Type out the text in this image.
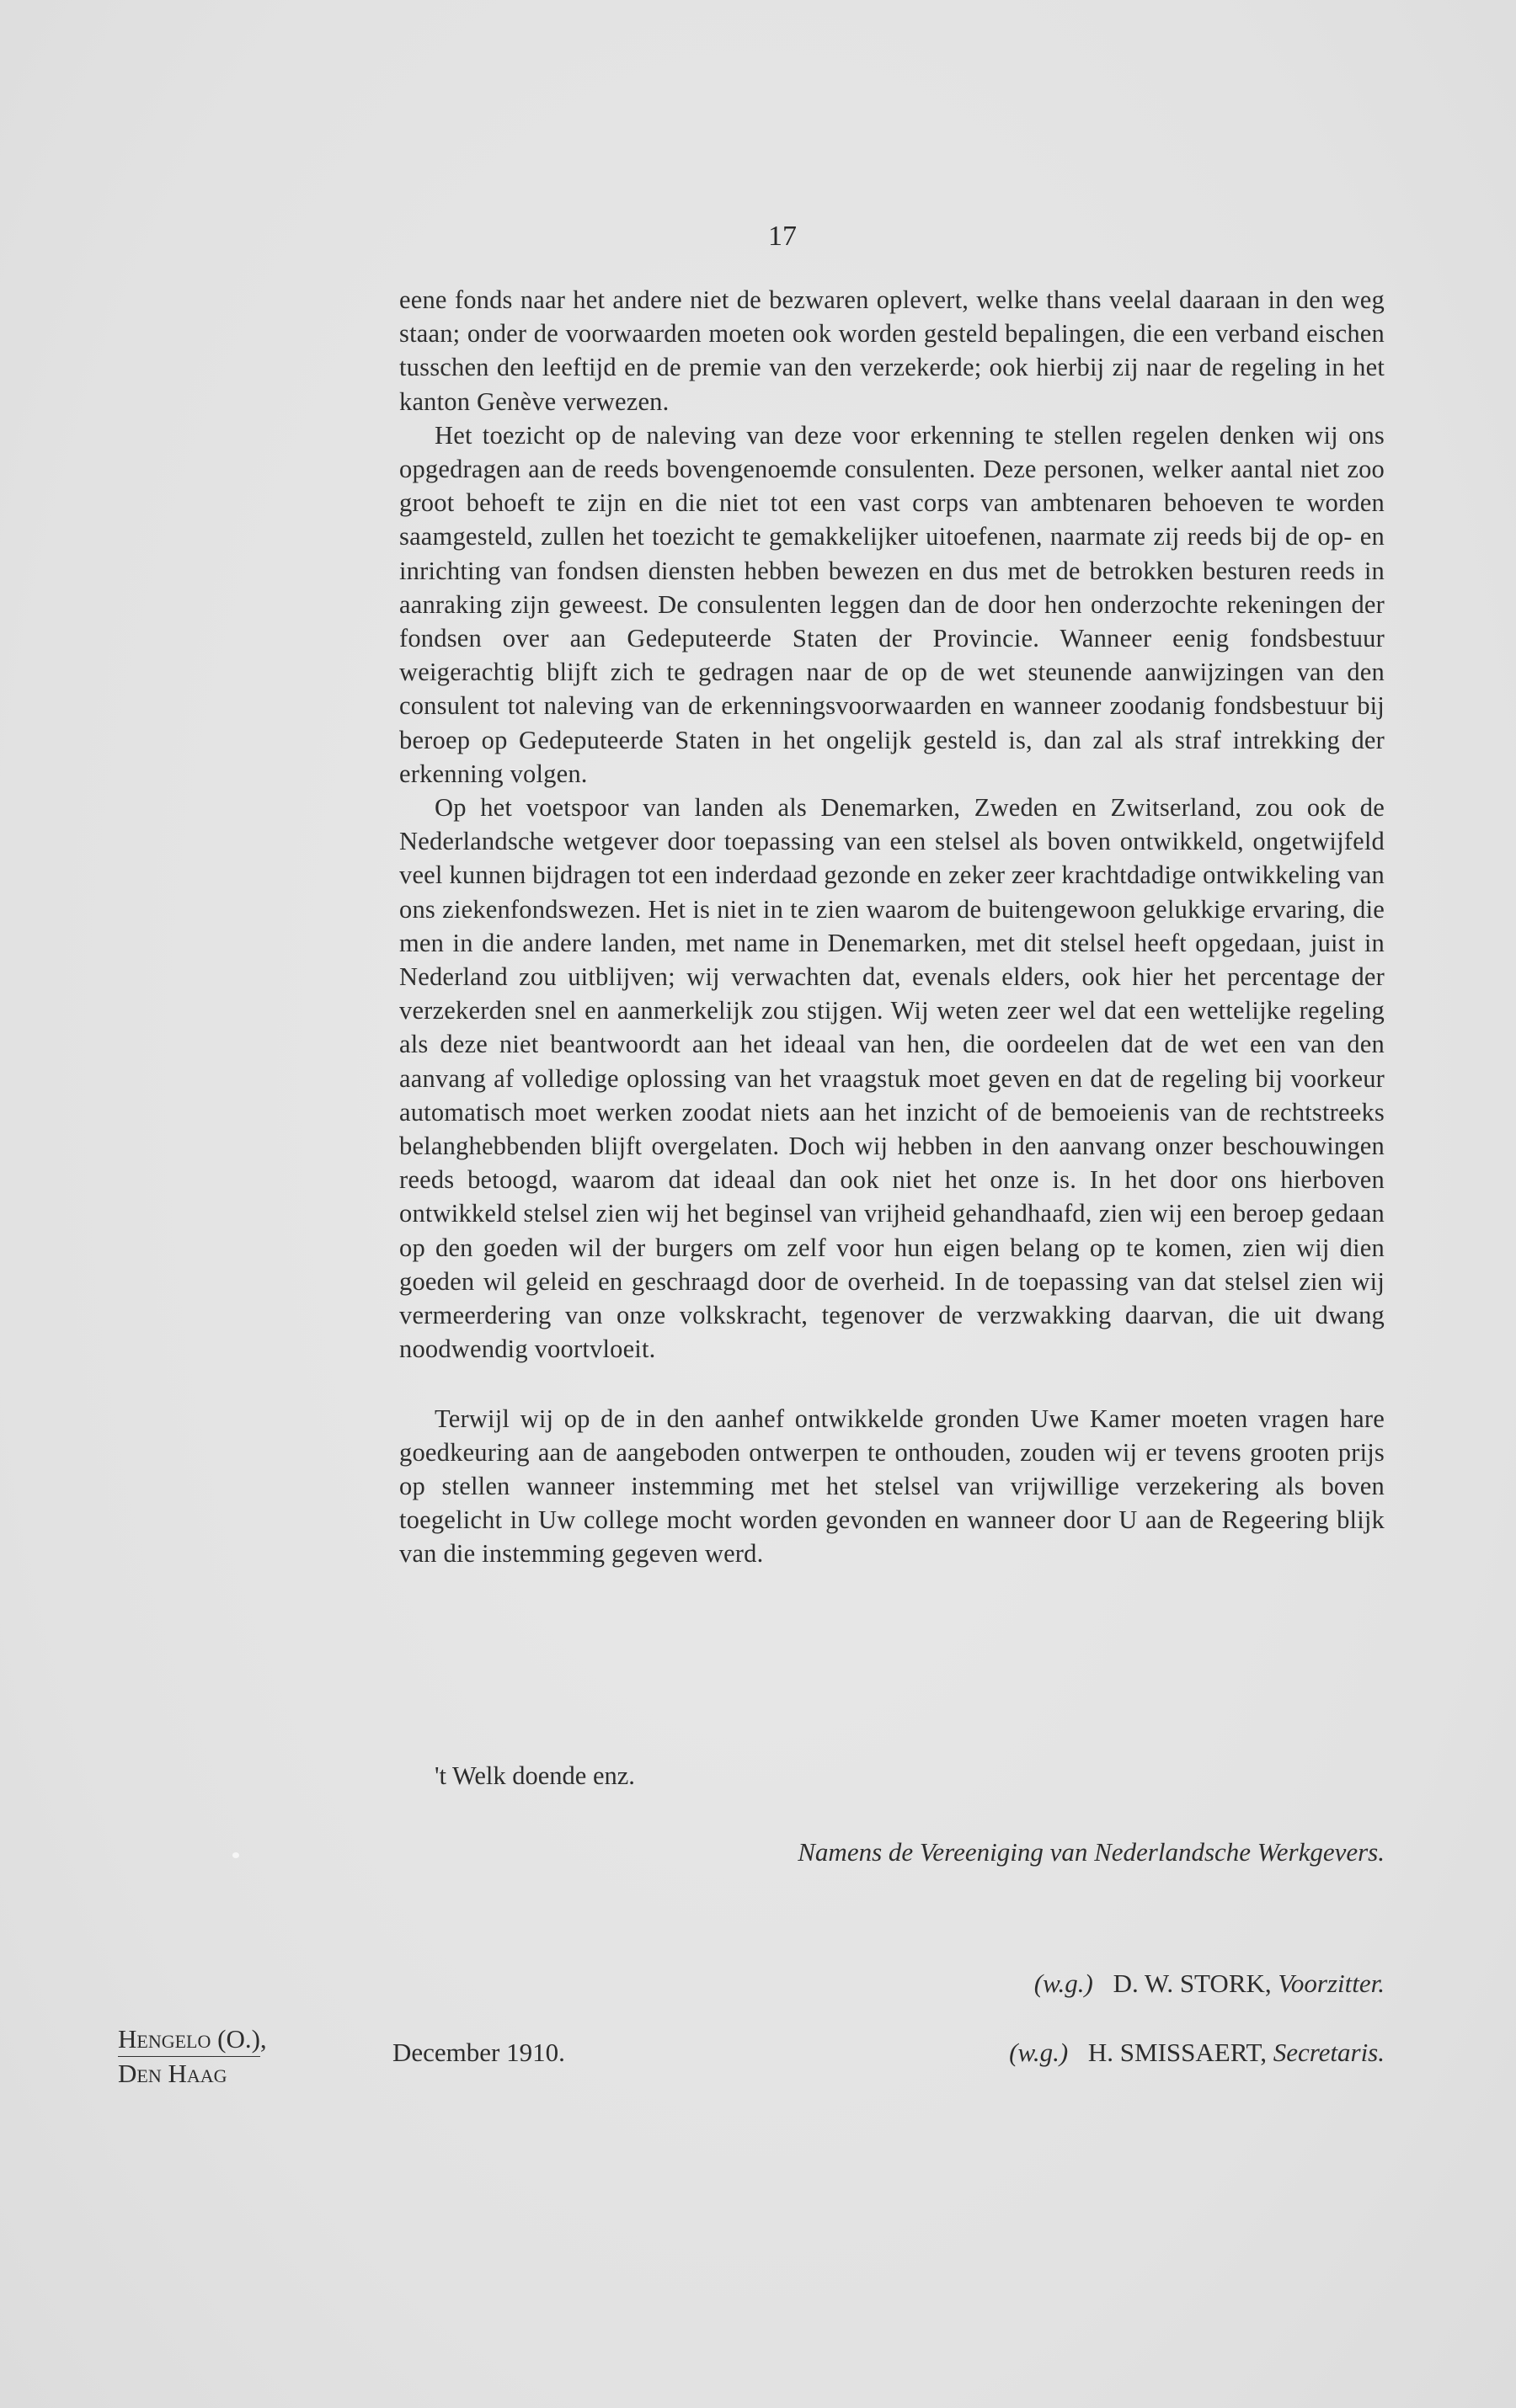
17

eene fonds naar het andere niet de bezwaren oplevert, welke thans veelal daaraan in den weg staan; onder de voorwaarden moeten ook worden gesteld bepalingen, die een verband eischen tusschen den leeftijd en de premie van den verzekerde; ook hierbij zij naar de regeling in het kanton Genève verwezen.

Het toezicht op de naleving van deze voor erkenning te stellen regelen denken wij ons opgedragen aan de reeds bovengenoemde consulenten. Deze personen, welker aantal niet zoo groot behoeft te zijn en die niet tot een vast corps van ambtenaren behoeven te worden saamgesteld, zullen het toezicht te gemakkelijker uitoefenen, naarmate zij reeds bij de op- en inrichting van fondsen diensten hebben bewezen en dus met de betrokken besturen reeds in aanraking zijn geweest. De consulenten leggen dan de door hen onderzochte rekeningen der fondsen over aan Gedeputeerde Staten der Provincie. Wanneer eenig fondsbestuur weigerachtig blijft zich te gedragen naar de op de wet steunende aanwijzingen van den consulent tot naleving van de erkenningsvoorwaarden en wanneer zoodanig fondsbestuur bij beroep op Gedeputeerde Staten in het ongelijk gesteld is, dan zal als straf intrekking der erkenning volgen.

Op het voetspoor van landen als Denemarken, Zweden en Zwitserland, zou ook de Nederlandsche wetgever door toepassing van een stelsel als boven ontwikkeld, ongetwijfeld veel kunnen bijdragen tot een inderdaad gezonde en zeker zeer krachtdadige ontwikkeling van ons ziekenfondswezen. Het is niet in te zien waarom de buitengewoon gelukkige ervaring, die men in die andere landen, met name in Denemarken, met dit stelsel heeft opgedaan, juist in Nederland zou uitblijven; wij verwachten dat, evenals elders, ook hier het percentage der verzekerden snel en aanmerkelijk zou stijgen. Wij weten zeer wel dat een wettelijke regeling als deze niet beantwoordt aan het ideaal van hen, die oordeelen dat de wet een van den aanvang af volledige oplossing van het vraagstuk moet geven en dat de regeling bij voorkeur automatisch moet werken zoodat niets aan het inzicht of de bemoeienis van de rechtstreeks belanghebbenden blijft overgelaten. Doch wij hebben in den aanvang onzer beschouwingen reeds betoogd, waarom dat ideaal dan ook niet het onze is. In het door ons hierboven ontwikkeld stelsel zien wij het beginsel van vrijheid gehandhaafd, zien wij een beroep gedaan op den goeden wil der burgers om zelf voor hun eigen belang op te komen, zien wij dien goeden wil geleid en geschraagd door de overheid. In de toepassing van dat stelsel zien wij vermeerdering van onze volkskracht, tegenover de verzwakking daarvan, die uit dwang noodwendig voortvloeit.

Terwijl wij op de in den aanhef ontwikkelde gronden Uwe Kamer moeten vragen hare goedkeuring aan de aangeboden ontwerpen te onthouden, zouden wij er tevens grooten prijs op stellen wanneer instemming met het stelsel van vrijwillige verzekering als boven toegelicht in Uw college mocht worden gevonden en wanneer door U aan de Regeering blijk van die instemming gegeven werd.

't Welk doende enz.
Namens de Vereeniging van Nederlandsche Werkgevers.
(w.g.) D. W. STORK, Voorzitter.
(w.g.) H. SMISSAERT, Secretaris.
Hengelo (O.),
Den Haag
December 1910.
